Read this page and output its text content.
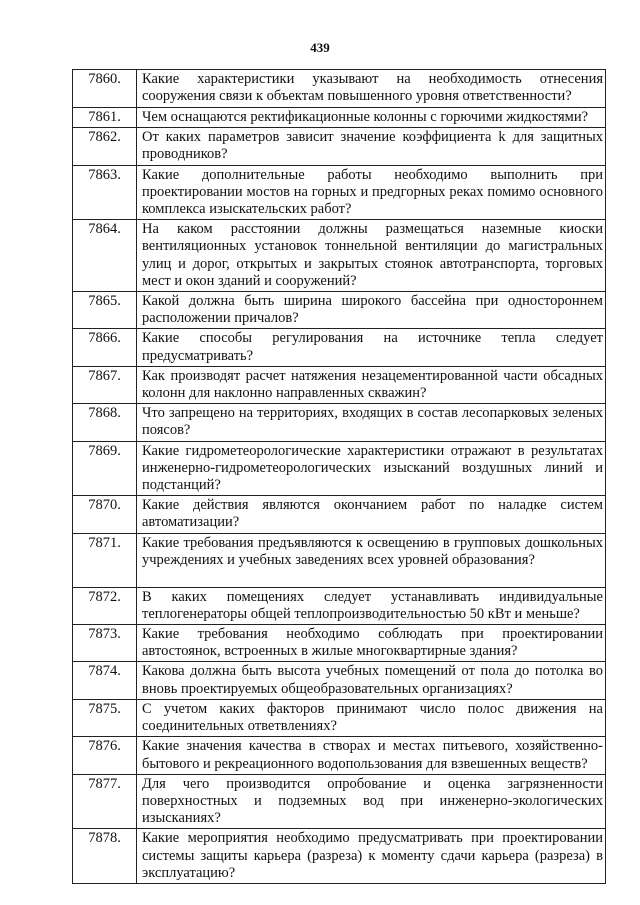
439
7860.	Какие характеристики указывают на необходимость отнесения сооружения связи к объектам повышенного уровня ответственности?
7861.	Чем оснащаются ректификационные колонны с горючими жидкостями?
7862.	От каких параметров зависит значение коэффициента k для защитных проводников?
7863.	Какие дополнительные работы необходимо выполнить при проектировании мостов на горных и предгорных реках помимо основного комплекса изыскательских работ?
7864.	На каком расстоянии должны размещаться наземные киоски вентиляционных установок тоннельной вентиляции до магистральных улиц и дорог, открытых и закрытых стоянок автотранспорта, торговых мест и окон зданий и сооружений?
7865.	Какой должна быть ширина широкого бассейна при одностороннем расположении причалов?
7866.	Какие способы регулирования на источнике тепла следует предусматривать?
7867.	Как производят расчет натяжения незацементированной части обсадных колонн для наклонно направленных скважин?
7868.	Что запрещено на территориях, входящих в состав лесопарковых зеленых поясов?
7869.	Какие гидрометеорологические характеристики отражают в результатах инженерно-гидрометеорологических изысканий воздушных линий и подстанций?
7870.	Какие действия являются окончанием работ по наладке систем автоматизации?
7871.	Какие требования предъявляются к освещению в групповых дошкольных учреждениях и учебных заведениях всех уровней образования?
7872.	В каких помещениях следует устанавливать индивидуальные теплогенераторы общей теплопроизводительностью 50 кВт и меньше?
7873.	Какие требования необходимо соблюдать при проектировании автостоянок, встроенных в жилые многоквартирные здания?
7874.	Какова должна быть высота учебных помещений от пола до потолка во вновь проектируемых общеобразовательных организациях?
7875.	С учетом каких факторов принимают число полос движения на соединительных ответвлениях?
7876.	Какие значения качества в створах и местах питьевого, хозяйственно-бытового и рекреационного водопользования для взвешенных веществ?
7877.	Для чего производится опробование и оценка загрязненности поверхностных и подземных вод при инженерно-экологических изысканиях?
7878.	Какие мероприятия необходимо предусматривать при проектировании системы защиты карьера (разреза) к моменту сдачи карьера (разреза) в эксплуатацию?
